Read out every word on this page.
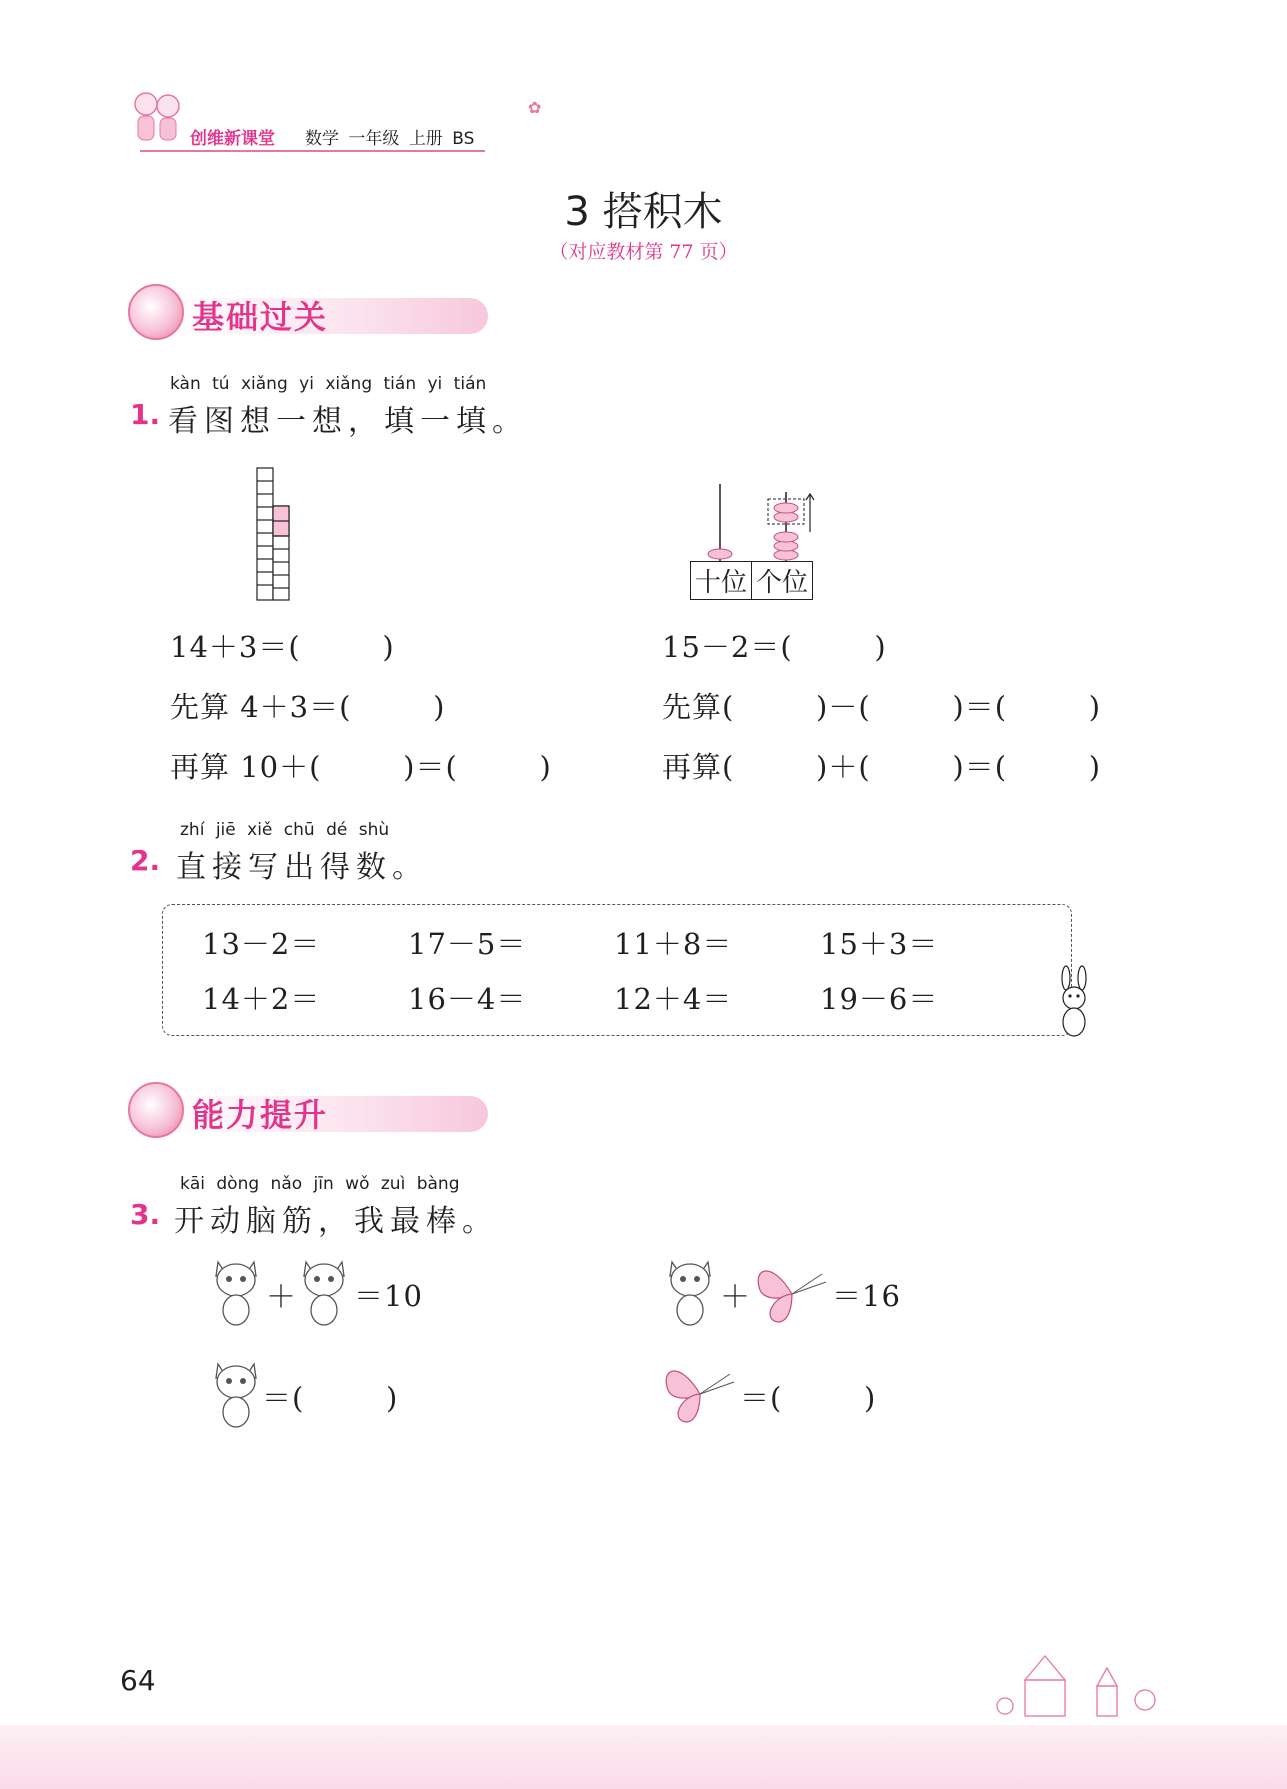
创维新课堂 数学 一年级 上册 BS
✿
3 搭积木
（对应教材第 77 页）
基础过关
kàn tú xiǎng yi xiǎng tián yi tián
1. 看图想一想，填一填。
十位	个位
14＋3＝(        )
先算 4＋3＝(        )
再算 10＋(        )＝(        )
15－2＝(        )
先算(        )－(        )＝(        )
再算(        )＋(        )＝(        )
zhí jiē xiě chū dé shù
2. 直接写出得数。
13－2＝	17－5＝	11＋8＝	15＋3＝
14＋2＝	16－4＝	12＋4＝	19－6＝
能力提升
kāi dòng nǎo jīn wǒ zuì bàng
3. 开动脑筋，我最棒。
＋ ＝10	＋	＝16
＝(        )	＝(        )
64
